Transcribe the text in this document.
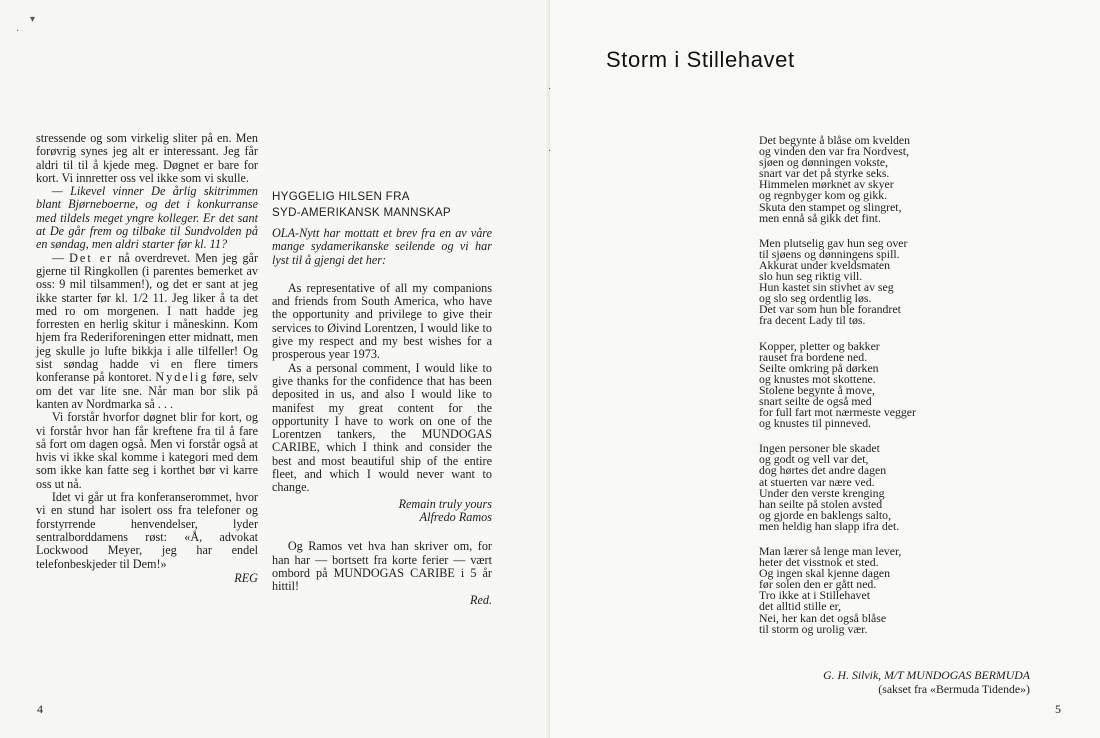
▾
·

stressende og som virkelig sliter på en. Men forøvrig synes jeg alt er interessant. Jeg får aldri til til å kjede meg. Døgnet er bare for kort. Vi innretter oss vel ikke som vi skulle.

— Likevel vinner De årlig skitrimmen blant Bjørneboerne, og det i konkurranse med tildels meget yngre kolleger. Er det sant at De går frem og tilbake til Sundvolden på en søndag, men aldri starter før kl. 11?

— Det er nå overdrevet. Men jeg går gjerne til Ringkollen (i parentes bemerket av oss: 9 mil tilsammen!), og det er sant at jeg ikke starter før kl. 1/2 11. Jeg liker å ta det med ro om morgenen. I natt hadde jeg forresten en herlig skitur i måneskinn. Kom hjem fra Rederiforeningen etter midnatt, men jeg skulle jo lufte bikkja i alle tilfeller! Og sist søndag hadde vi en flere timers konferanse på kontoret. Nydelig føre, selv om det var lite sne. Når man bor slik på kanten av Nordmarka så . . .

Vi forstår hvorfor døgnet blir for kort, og vi forstår hvor han får kreftene fra til å fare så fort om dagen også. Men vi forstår også at hvis vi ikke skal komme i kategori med dem som ikke kan fatte seg i korthet bør vi karre oss ut nå.

Idet vi går ut fra konferanserommet, hvor vi en stund har isolert oss fra telefoner og forstyrrende henvendelser, lyder sentralborddamens røst: «Å, advokat Lockwood Meyer, jeg har endel telefonbeskjeder til Dem!»

REG

HYGGELIG HILSEN FRA
SYD-AMERIKANSK MANNSKAP

OLA-Nytt har mottatt et brev fra en av våre mange sydamerikanske seilende og vi har lyst til å gjengi det her:

As representative of all my companions and friends from South America, who have the opportunity and privilege to give their services to Øivind Lorentzen, I would like to give my respect and my best wishes for a prosperous year 1973.

As a personal comment, I would like to give thanks for the confidence that has been deposited in us, and also I would like to manifest my great content for the opportunity I have to work on one of the Lorentzen tankers, the MUNDOGAS CARIBE, which I think and consider the best and most beautiful ship of the entire fleet, and which I would never want to change.

Remain truly yours
Alfredo Ramos

Og Ramos vet hva han skriver om, for han har — bortsett fra korte ferier — vært ombord på MUNDOGAS CARIBE i 5 år hittil!

Red.

4
·
·
Storm i Stillehavet
Det begynte å blåse om kvelden
og vinden den var fra Nordvest,
sjøen og dønningen vokste,
snart var det på styrke seks.
Himmelen mørknet av skyer
og regnbyger kom og gikk.
Skuta den stampet og slingret,
men ennå så gikk det fint.
Men plutselig gav hun seg over
til sjøens og dønningens spill.
Akkurat under kveldsmaten
slo hun seg riktig vill.
Hun kastet sin stivhet av seg
og slo seg ordentlig løs.
Det var som hun ble forandret
fra decent Lady til tøs.
Kopper, pletter og bakker
rauset fra bordene ned.
Seilte omkring på dørken
og knustes mot skottene.
Stolene begynte å move,
snart seilte de også med
for full fart mot nærmeste vegger
og knustes til pinneved.
Ingen personer ble skadet
og godt og vell var det,
dog hørtes det andre dagen
at stuerten var nære ved.
Under den verste krenging
han seilte på stolen avsted
og gjorde en baklengs salto,
men heldig han slapp ifra det.
Man lærer så lenge man lever,
heter det visstnok et sted.
Og ingen skal kjenne dagen
før solen den er gått ned.
Tro ikke at i Stillehavet
det alltid stille er,
Nei, her kan det også blåse
til storm og urolig vær.
G. H. Silvik, M/T MUNDOGAS BERMUDA
(sakset fra «Bermuda Tidende»)
5
